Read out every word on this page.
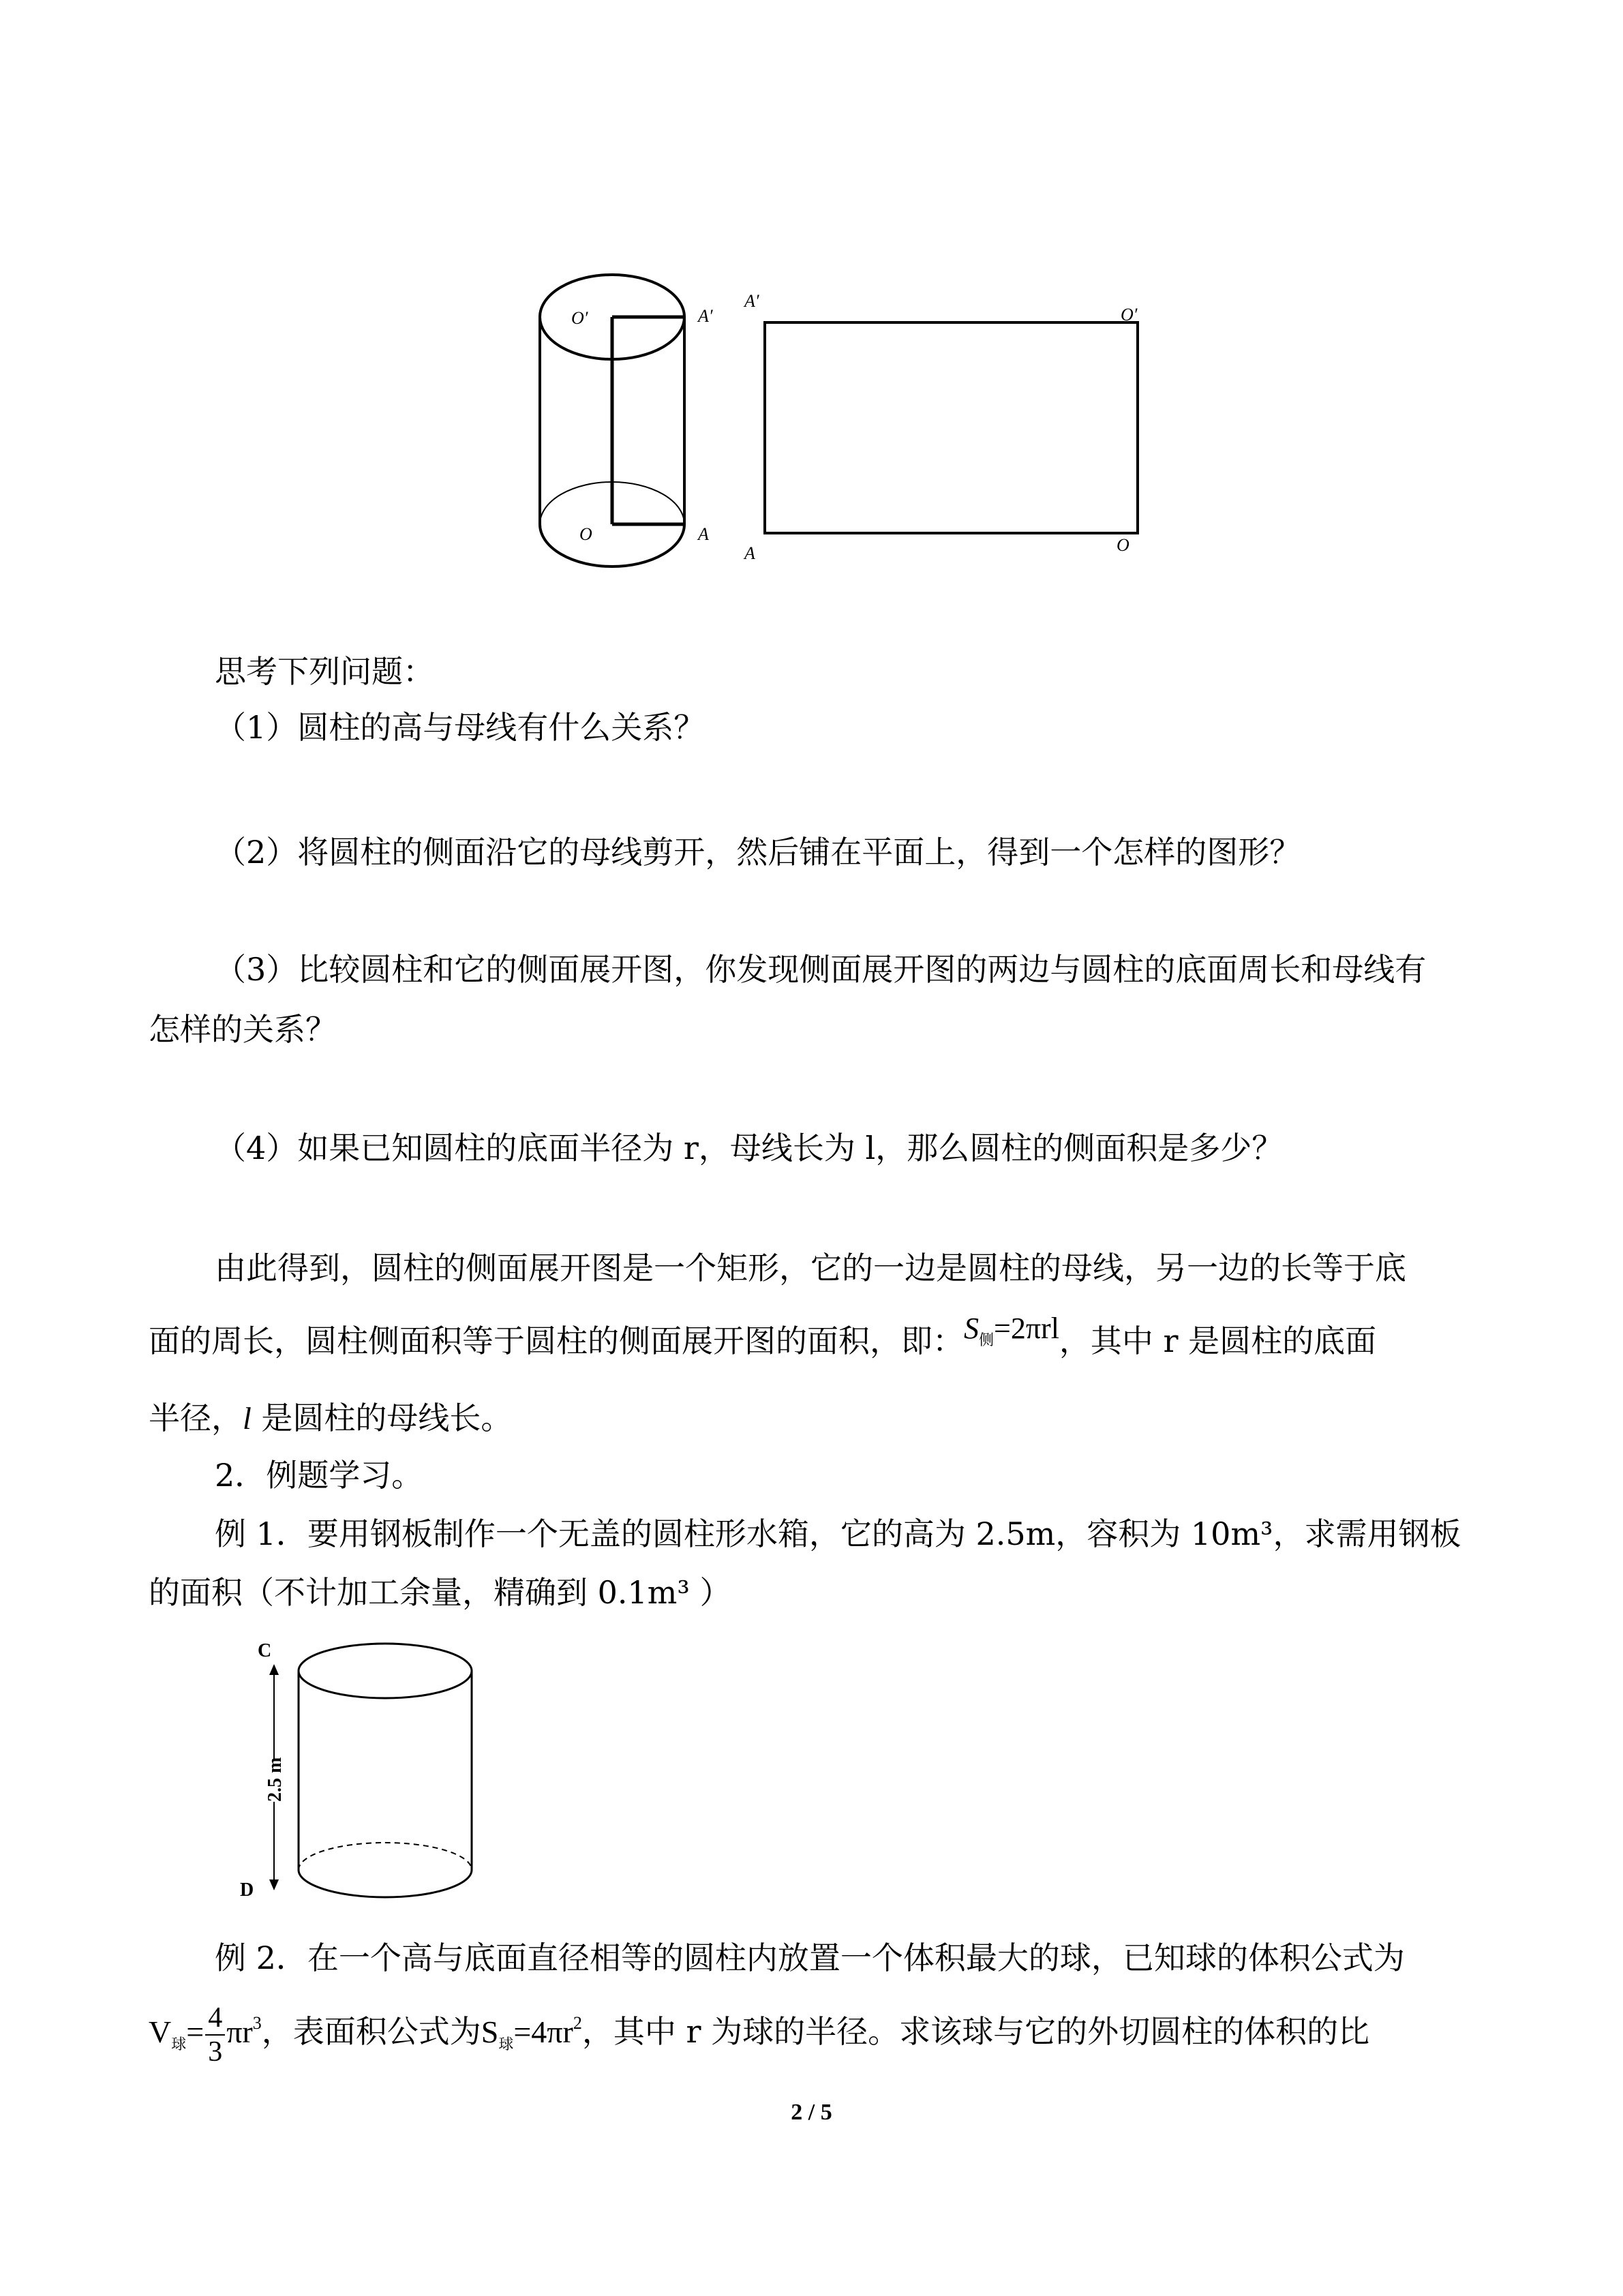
O′	A′
O	A
A′
O′
A	O
思考下列问题：
（1）圆柱的高与母线有什么关系？
（2）将圆柱的侧面沿它的母线剪开，然后铺在平面上，得到一个怎样的图形？
（3）比较圆柱和它的侧面展开图，你发现侧面展开图的两边与圆柱的底面周长和母线有
怎样的关系？
（4）如果已知圆柱的底面半径为 r，母线长为 l，那么圆柱的侧面积是多少？
由此得到，圆柱的侧面展开图是一个矩形，它的一边是圆柱的母线，另一边的长等于底
面的周长，圆柱侧面积等于圆柱的侧面展开图的面积，即：$S_侧=2\pi rl$，其中 r 是圆柱的底面
半径，l 是圆柱的母线长。
2．例题学习。
例 1．要用钢板制作一个无盖的圆柱形水箱，它的高为 2.5m，容积为 10m³，求需用钢板
的面积（不计加工余量，精确到 0.1m³ ）
C
D
2.5 m
例 2．在一个高与底面直径相等的圆柱内放置一个体积最大的球，已知球的体积公式为
$V_球= \frac{4}{3} \pi r^3$，表面积公式为$S_球=4\pi r^2$，其中 r 为球的半径。求该球与它的外切圆柱的体积的比
2 / 5
